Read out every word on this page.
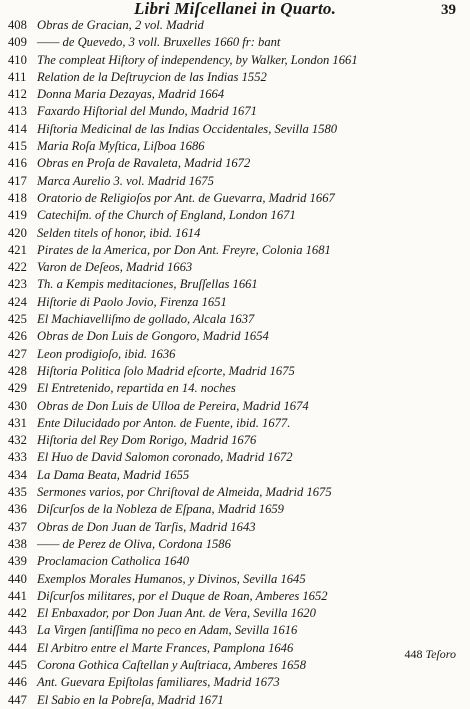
Libri Miſcellanei in Quarto.	39
408 Obras de Gracian, 2 vol. Madrid
409 —— de Quevedo, 3 voll. Bruxelles 1660 fr: bant
410 The compleat Hiſtory of independency, by Walker, London 1661
411 Relation de la Deſtruycion de las Indias 1552
412 Donna Maria Dezayas, Madrid 1664
413 Faxardo Hiſtorial del Mundo, Madrid 1671
414 Hiſtoria Medicinal de las Indias Occidentales, Sevilla 1580
415 Maria Roſa Myſtica, Liſboa 1686
416 Obras en Proſa de Ravaleta, Madrid 1672
417 Marca Aurelio 3. vol. Madrid 1675
418 Oratorio de Religioſos por Ant. de Guevarra, Madrid 1667
419 Catechiſm. of the Church of England, London 1671
420 Selden titels of honor, ibid. 1614
421 Pirates de la America, por Don Ant. Freyre, Colonia 1681
422 Varon de Deſeos, Madrid 1663
423 Th. a Kempis meditaciones, Bruſſellas 1661
424 Hiſtorie di Paolo Jovio, Firenza 1651
425 El Machiavelliſmo de gollado, Alcala 1637
426 Obras de Don Luis de Gongoro, Madrid 1654
427 Leon prodigioſo, ibid. 1636
428 Hiſtoria Politica ſolo Madrid eſcorte, Madrid 1675
429 El Entretenido, repartida en 14. noches
430 Obras de Don Luis de Ulloa de Pereira, Madrid 1674
431 Ente Dilucidado por Anton. de Fuente, ibid. 1677.
432 Hiſtoria del Rey Dom Rorigo, Madrid 1676
433 El Huo de David Salomon coronado, Madrid 1672
434 La Dama Beata, Madrid 1655
435 Sermones varios, por Chriſtoval de Almeida, Madrid 1675
436 Diſcurſos de la Nobleza de Eſpana, Madrid 1659
437 Obras de Don Juan de Tarſis, Madrid 1643
438 —— de Perez de Oliva, Cordona 1586
439 Proclamacion Catholica 1640
440 Exemplos Morales Humanos, y Divinos, Sevilla 1645
441 Diſcurſos militares, por el Duque de Roan, Amberes 1652
442 El Enbaxador, por Don Juan Ant. de Vera, Sevilla 1620
443 La Virgen ſantiſſima no peco en Adam, Sevilla 1616
444 El Arbitro entre el Marte Frances, Pamplona 1646
445 Corona Gothica Caſtellan y Auſtriaca, Amberes 1658
446 Ant. Guevara Epiſtolas familiares, Madrid 1673
447 El Sabio en la Pobreſa, Madrid 1671
448 Teſoro
